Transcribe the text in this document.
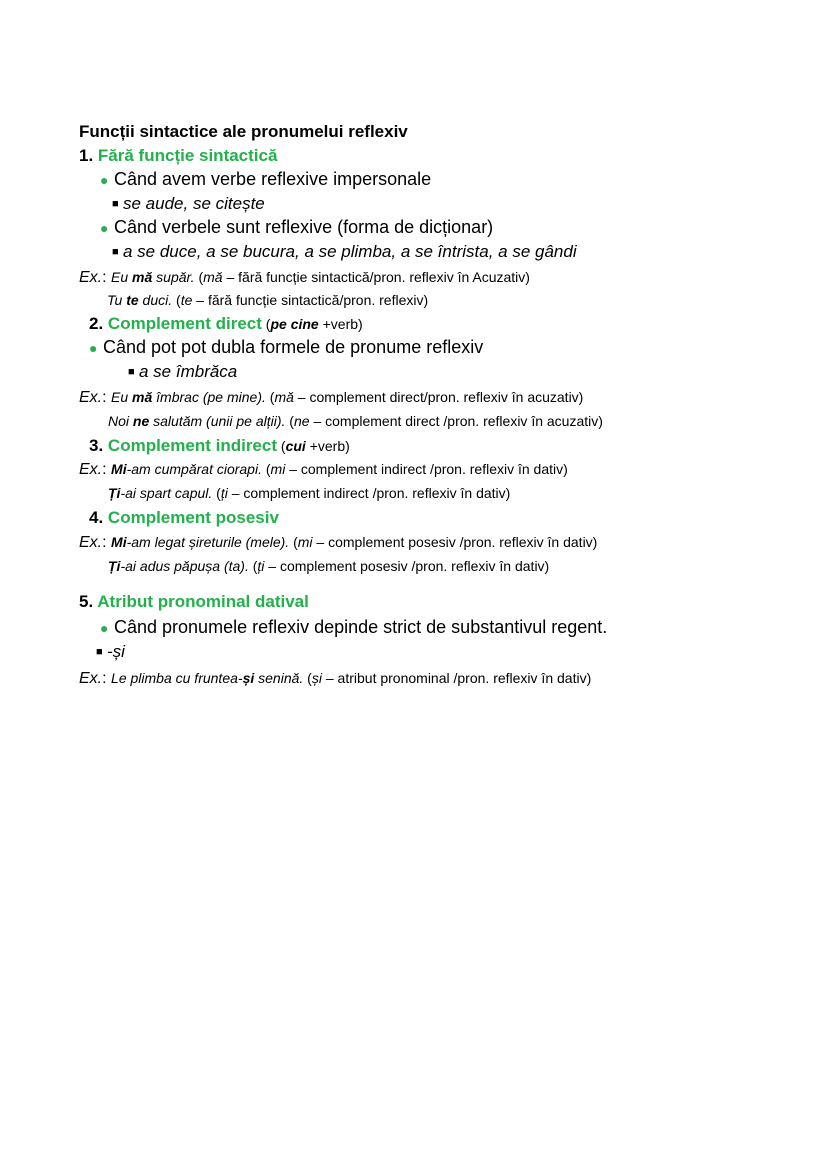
Funcții sintactice ale pronumelui reflexiv
1. Fără funcție sintactică
● Când avem verbe reflexive impersonale
■ se aude, se citește
● Când verbele sunt reflexive (forma de dicționar)
■ a se duce, a se bucura, a se plimba, a se întrista, a se gândi
Ex.: Eu mă supăr. (mă – fără funcție sintactică/pron. reflexiv în Acuzativ)
Tu te duci. (te – fără funcție sintactică/pron. reflexiv)
2. Complement direct (pe cine +verb)
● Când pot pot dubla formele de pronume reflexiv
■ a se îmbrăca
Ex.: Eu mă îmbrac (pe mine). (mă – complement direct/pron. reflexiv în acuzativ)
Noi ne salutăm (unii pe alții). (ne – complement direct /pron. reflexiv în acuzativ)
3. Complement indirect (cui +verb)
Ex.: Mi-am cumpărat ciorapi. (mi – complement indirect /pron. reflexiv în dativ)
Ți-ai spart capul. (ți – complement indirect /pron. reflexiv în dativ)
4. Complement posesiv
Ex.: Mi-am legat șireturile (mele). (mi – complement posesiv /pron. reflexiv în dativ)
Ți-ai adus păpușa (ta). (ți – complement posesiv /pron. reflexiv în dativ)
5. Atribut pronominal datival
● Când pronumele reflexiv depinde strict de substantivul regent.
■ -și
Ex.: Le plimba cu fruntea-și senină. (și – atribut pronominal /pron. reflexiv în dativ)
